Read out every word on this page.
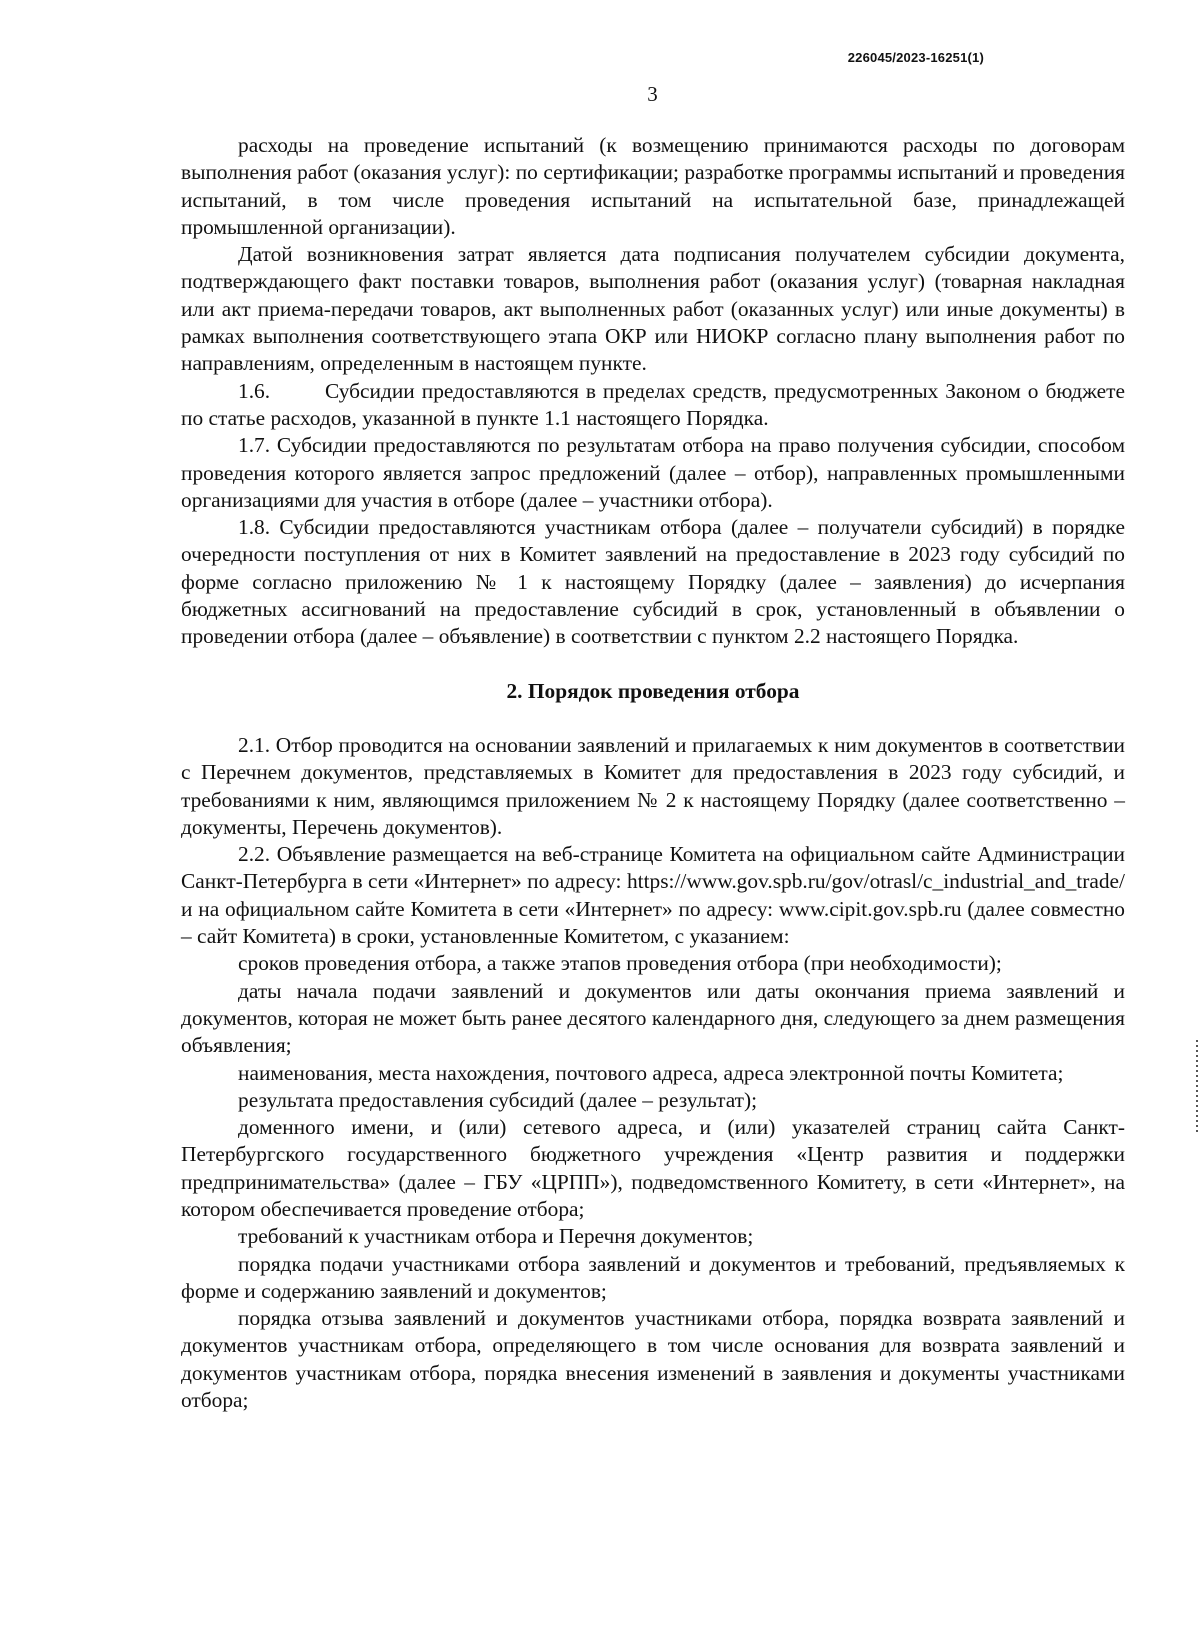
226045/2023-16251(1)
3

расходы на проведение испытаний (к возмещению принимаются расходы по договорам выполнения работ (оказания услуг): по сертификации; разработке программы испытаний и проведения испытаний, в том числе проведения испытаний на испытательной базе, принадлежащей промышленной организации).

Датой возникновения затрат является дата подписания получателем субсидии документа, подтверждающего факт поставки товаров, выполнения работ (оказания услуг) (товарная накладная или акт приема-передачи товаров, акт выполненных работ (оказанных услуг) или иные документы) в рамках выполнения соответствующего этапа ОКР или НИОКР согласно плану выполнения работ по направлениям, определенным в настоящем пункте.

1.6.	Субсидии предоставляются в пределах средств, предусмотренных Законом о бюджете по статье расходов, указанной в пункте 1.1 настоящего Порядка.

1.7. Субсидии предоставляются по результатам отбора на право получения субсидии, способом проведения которого является запрос предложений (далее – отбор), направленных промышленными организациями для участия в отборе (далее – участники отбора).

1.8. Субсидии предоставляются участникам отбора (далее – получатели субсидий) в порядке очередности поступления от них в Комитет заявлений на предоставление в 2023 году субсидий по форме согласно приложению № 1 к настоящему Порядку (далее – заявления) до исчерпания бюджетных ассигнований на предоставление субсидий в срок, установленный в объявлении о проведении отбора (далее – объявление) в соответствии с пунктом 2.2 настоящего Порядка.

2. Порядок проведения отбора

2.1. Отбор проводится на основании заявлений и прилагаемых к ним документов в соответствии с Перечнем документов, представляемых в Комитет для предоставления в 2023 году субсидий, и требованиями к ним, являющимся приложением № 2 к настоящему Порядку (далее соответственно – документы, Перечень документов).

2.2. Объявление размещается на веб-странице Комитета на официальном сайте Администрации Санкт-Петербурга в сети «Интернет» по адресу: https://www.gov.spb.ru/gov/otrasl/c_industrial_and_trade/ и на официальном сайте Комитета в сети «Интернет» по адресу: www.cipit.gov.spb.ru (далее совместно – сайт Комитета) в сроки, установленные Комитетом, с указанием:

сроков проведения отбора, а также этапов проведения отбора (при необходимости);

даты начала подачи заявлений и документов или даты окончания приема заявлений и документов, которая не может быть ранее десятого календарного дня, следующего за днем размещения объявления;

наименования, места нахождения, почтового адреса, адреса электронной почты Комитета;

результата предоставления субсидий (далее – результат);

доменного имени, и (или) сетевого адреса, и (или) указателей страниц сайта Санкт-Петербургского государственного бюджетного учреждения «Центр развития и поддержки предпринимательства» (далее – ГБУ «ЦРПП»), подведомственного Комитету, в сети «Интернет», на котором обеспечивается проведение отбора;

требований к участникам отбора и Перечня документов;

порядка подачи участниками отбора заявлений и документов и требований, предъявляемых к форме и содержанию заявлений и документов;

порядка отзыва заявлений и документов участниками отбора, порядка возврата заявлений и документов участникам отбора, определяющего в том числе основания для возврата заявлений и документов участникам отбора, порядка внесения изменений в заявления и документы участниками отбора;
